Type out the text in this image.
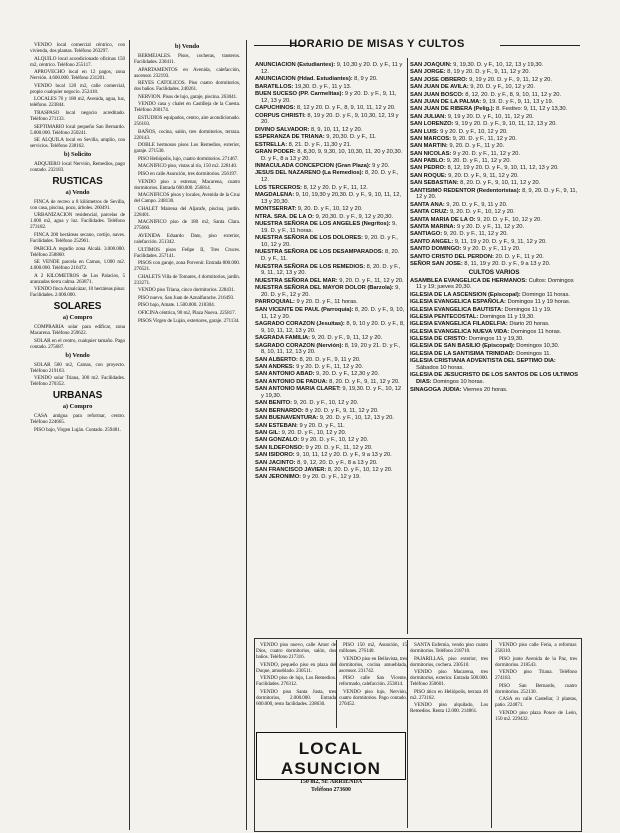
VENDO local comercial céntrico, con vivienda, dos plantas. Teléfono 263297.

ALQUILO local acondicionado oficinas 150 m2, céntrico. Teléfono 255117.

APROVECHO local en 12 pagos, zona Nervión. 4.600.000. Teléfono 231201.

VENDO local 120 m2, calle comercial, propio cualquier negocio. 252418.

LOCALES 76 y 180 m2, Avenida, agua, luz, teléfono. 223844.

TRASPASO local negocio acreditado. Teléfono 271133.

SEPTIMARIO local pequeño San Bernardo. 5.000.000. Teléfono 250241.

SE ALQUILA local en Sevilla, amplio, con servicios. Teléfono 238162.

b) Solicito

ADQUIERO local Nervión, Remedios, pago contado. 232183.

RUSTICAS
a) Vendo

FINCA de recreo a 8 kilómetros de Sevilla, con casa, piscina, pozo, árboles. 260491.

URBANIZACION residencial, parcelas de 1.000 m2, agua y luz. Facilidades. Teléfono 273182.

FINCA 200 hectáreas secano, cortijo, naves. Facilidades. Teléfono 252961.

PARCELA regadío zona Alcalá. 3.000.000. Teléfono 258860.

SE VENDE parcela en Camas, 1.000 m2. 4.000.000. Teléfono 216472.

A 2 KILOMETROS de Los Palacios, 5 aranzadas tierra calma. 263871.

VENDO finca Aznalcázar, 10 hectáreas pinar. Facilidades. 2.000.000.

SOLARES
a) Compro

COMPRARIA solar para edificar, zona Macarena. Teléfono 259622.

SOLAR en el centro, cualquier tamaño. Pago contado. 275687.

b) Vendo

SOLAR 500 m2, Camas, con proyecto. Teléfono 219163.

VENDO solar Triana, 300 m2. Facilidades. Teléfono 270352.

URBANAS
a) Compro

CASA antigua para reformar, centro. Teléfono 224665.

PISO bajo, Virgen Luján. Contado. 259481.

b) Vendo

BERMEJALES. Pisos, cocheras, trasteros. Facilidades. 230411.

APARTAMENTOS en Avenida, calefacción, ascensor. 232193.

REYES CATOLICOS. Piso cuatro dormitorios, dos baños. Facilidades. 240261.

NERVION. Pisos de lujo, garaje, piscina. 263041.

VENDO casa y chalet en Castilleja de la Cuesta. Teléfono 260174.

ESTUDIOS equipados, centro, aire acondicionado. 256103.

BAÑOS, cocina, salón, tres dormitorios, terraza. 220143.

DOBLE hermosos pisos Los Remedios, exterior, garaje. 271530.

PISO Heliópolis, lujo, cuatro dormitorios. 271467.

MAGNIFICO piso, vistas al río, 150 m2. 228140.

PISO en calle Asunción, tres dormitorios. 256197.

VENDO piso a estrenar, Macarena, cuatro dormitorios. Entrada 600.000. 256814.

MAGNIFICOS pisos y locales, Avenida de la Cruz del Campo. 248130.

CHALET Mairena del Aljarafe, piscina, jardín. 228401.

MAGNIFICO piso de 180 m2, Santa Clara. 275660.

AVENIDA Eduardo Dato, piso exterior, calefacción. 251342.

ULTIMOS pisos Felipe II, Tres Cruces. Facilidades. 257141.

PISOS con garaje, zona Porvenir. Entrada 800.000. 270521.

CHALETS Villa de Tomares, 4 dormitorios, jardín. 233271.

VENDO piso Triana, cinco dormitorios. 228431.

PISO nuevo, San Juan de Aznalfarache. 216493.

PISO bajo, Amate. 1.500.000. 218304.

OFICINA céntrica, 90 m2, Plaza Nueva. 225817.

PISOS Virgen de Luján, exteriores, garaje. 271134.

HORARIO DE MISAS Y CULTOS
ANUNCIACION (Estudiantes): 9, 10,30 y 20. D. y F., 11 y 12.
ANUNCIACION (Hdad. Estudiantes): 8, 9 y 20.
BARATILLOS: 19,30. D. y F., 11 y 13.
BUEN SUCESO (PP. Carmelitas): 9 y 20. D. y F., 9, 11, 12, 13 y 20.
CAPUCHINOS: 8, 12 y 20. D. y F., 8, 9, 10, 11, 12 y 20.
CORPUS CHRISTI: 8, 19 y 20. D. y F., 9, 10,30, 12, 19 y 20.
DIVINO SALVADOR: 8, 9, 10, 11, 12 y 20.
ESPERANZA DE TRIANA: 9, 20,30. D. y F., 11.
ESTRELLA: 8, 21. D. y F., 11,30 y 21.
GRAN PODER: 8, 8,30, 9, 9,30, 10, 10,30, 11, 20 y 20,30. D. y F., 8 a 13 y 20.
INMACULADA CONCEPCION (Gran Plaza): 9 y 20.
JESUS DEL NAZARENO (La Remedios): 8, 20. D. y F., 12.
LOS TERCEROS: 8, 12 y 20. D. y F., 11, 12.
MAGDALENA: 9, 10, 19,30 y 20,30. D. y F., 9, 10, 11, 12, 13 y 20,30.
MONTSERRAT: 9, 20. D. y F., 10, 12 y 20.
NTRA. SRA. DE LA O: 9, 20,30. D. y F., 9, 12 y 20,30.
NUESTRA SEÑORA DE LOS ANGELES (Negritos): 9, 19. D. y F., 11 horas.
NUESTRA SEÑORA DE LOS DOLORES: 9, 20. D. y F., 10, 12 y 20.
NUESTRA SEÑORA DE LOS DESAMPARADOS: 8, 20. D. y F., 11.
NUESTRA SEÑORA DE LOS REMEDIOS: 8, 20. D. y F., 9, 11, 12, 13 y 20.
NUESTRA SEÑORA DEL MAR: 9, 20. D. y F., 11, 12 y 20.
NUESTRA SEÑORA DEL MAYOR DOLOR (Barzola): 9, 20. D. y F., 12 y 20.
PARROQUIAL: 9 y 20. D. y F., 11 horas.
SAN VICENTE DE PAUL (Parroquia): 8, 20. D. y F., 9, 10, 11, 12 y 20.
SAGRADO CORAZON (Jesuitas): 8, 9, 10 y 20. D. y F., 8, 9, 10, 11, 12, 13 y 20.
SAGRADA FAMILIA: 9, 20. D. y F., 9, 11, 12 y 20.
SAGRADO CORAZON (Nervión): 8, 19, 20 y 21. D. y F., 8, 10, 11, 12, 13 y 20.
SAN ALBERTO: 8, 20. D. y F., 9, 11 y 20.
SAN ANDRES: 9 y 20. D. y F., 11, 12 y 20.
SAN ANTONIO ABAD: 9, 20. D. y F., 12,30 y 20.
SAN ANTONIO DE PADUA: 8, 20. D. y F., 9, 11, 12 y 20.
SAN ANTONIO MARIA CLARET: 9, 19,30. D. y F., 10, 12 y 19,30.
SAN BENITO: 9, 20. D. y F., 10, 12 y 20.
SAN BERNARDO: 8 y 20. D. y F., 9, 11, 12 y 20.
SAN BUENAVENTURA: 9, 20. D. y F., 10, 12, 13 y 20.
SAN ESTEBAN: 9 y 20. D. y F., 11.
SAN GIL: 9, 20. D. y F., 10, 12 y 20.
SAN GONZALO: 9 y 20. D. y F., 10, 12 y 20.
SAN ILDEFONSO: 9 y 20. D. y F., 11, 12 y 20.
SAN ISIDORO: 9, 10, 11, 12 y 20. D. y F., 9 a 13 y 20.
SAN JACINTO: 8, 9, 12, 20. D. y F., 8 a 13 y 20.
SAN FRANCISCO JAVIER: 8, 20. D. y F., 10, 12 y 20.
SAN JERONIMO: 9 y 20. D. y F., 12 y 19.
SAN JOAQUIN: 9, 19,30. D. y F., 10, 12, 13 y 19,30.
SAN JORGE: 8, 19 y 20. D. y F., 9, 11, 12 y 20.
SAN JOSE OBRERO: 9, 19 y 20. D. y F., 9, 11, 12 y 20.
SAN JUAN DE AVILA: 9, 20. D. y F., 10, 12 y 20.
SAN JUAN BOSCO: 8, 12, 20. D. y F., 8, 9, 10, 11, 12 y 20.
SAN JUAN DE LA PALMA: 9, 19. D. y F., 9, 11, 13 y 19.
SAN JUAN DE RIBERA (Pelig.): 8. Festivo: 9, 11, 12 y 13,30.
SAN JULIAN: 9, 19 y 20. D. y F., 10, 11, 12 y 20.
SAN LORENZO: 9, 19 y 20. D. y F., 9, 10, 11, 12, 13 y 20.
SAN LUIS: 9 y 20. D. y F., 10, 12 y 20.
SAN MARCOS: 9, 20. D. y F., 11, 12 y 20.
SAN MARTIN: 9, 20. D. y F., 11 y 20.
SAN NICOLAS: 9 y 20. D. y F., 11, 12 y 20.
SAN PABLO: 9, 20. D. y F., 11, 12 y 20.
SAN PEDRO: 8, 12, 19 y 20. D. y F., 9, 10, 11, 12, 13 y 20.
SAN ROQUE: 9, 20. D. y F., 9, 11, 12 y 20.
SAN SEBASTIAN: 8, 20. D. y F., 9, 10, 11, 12 y 20.
SANTISIMO REDENTOR (Redentoristas): 8, 9, 20. D. y F., 9, 11, 12 y 20.
SANTA ANA: 9, 20. D. y F., 9, 11 y 20.
SANTA CRUZ: 9, 20. D. y F., 10, 12 y 20.
SANTA MARIA DE LA O: 9, 20. D. y F., 10, 12 y 20.
SANTA MARINA: 9 y 20. D. y F., 11, 12 y 20.
SANTIAGO: 9, 20. D. y F., 11, 12 y 20.
SANTO ANGEL: 9, 11, 19 y 20. D. y F., 9, 11, 12 y 20.
SANTO DOMINGO: 9 y 20. D. y F., 11 y 20.
SANTO CRISTO DEL PERDON: 20. D. y F., 11 y 20.
SEÑOR SAN JOSE: 8, 11, 19 y 20. D. y F., 9 a 13 y 20.
CULTOS VARIOS
ASAMBLEA EVANGELICA DE HERMANOS: Cultos: Domingos 11 y 19; jueves 20,30.
IGLESIA DE LA ASCENSION (Episcopal): Domingo 11 horas.
IGLESIA EVANGELICA ESPAÑOLA: Domingos 11 y 19 horas.
IGLESIA EVANGELICA BAUTISTA: Domingos 11 y 19.
IGLESIA PENTECOSTAL: Domingos 11 y 19,30.
IGLESIA EVANGELICA FILADELFIA: Diario 20 horas.
IGLESIA EVANGELICA NUEVA VIDA: Domingos 11 horas.
IGLESIA DE CRISTO: Domingos 11 y 19,30.
IGLESIA DE SAN BASILIO (Episcopal): Domingos 10,30.
IGLESIA DE LA SANTISIMA TRINIDAD: Domingos 11.
IGLESIA CRISTIANA ADVENTISTA DEL SEPTIMO DIA: Sábados 10 horas.
IGLESIA DE JESUCRISTO DE LOS SANTOS DE LOS ULTIMOS DIAS: Domingos 10 horas.
SINAGOGA JUDIA: Viernes 20 horas.

VENDO piso nuevo, calle Amor de Dios, cuatro dormitorios, salón, dos baños. Teléfono 217316.

VENDO, pequeño piso en plaza del Duque, amueblado. 230511.

VENDO piso de lujo, Los Remedios. Facilidades. 276312.

VENDO piso Santa Justa, tres dormitorios, 2.000.000. Entrada 600.000, resto facilidades. 238630.

PISO 150 m2, Asunción, 15 millones. 276140.

VENDO piso en Bellavista, tres dormitorios, cocina amueblada, ascensor. 231742.

PISO calle San Vicente, reformado, calefacción. 253814.

VENDO piso lujo, Nervión, cuatro dormitorios. Pago contado. 270452.

SANTA Eufemia, vendo piso cuatro dormitorios. Teléfono 218710.

PAJARILLAS, piso exterior, tres dormitorios, cochera. 230510.

VENDO piso Macarena, tres dormitorios, exterior. Entrada 500.000. Teléfono 350601.

PISO ático en Heliópolis, terraza 40 m2. 273162.

VENDO piso alquilado, Los Remedios. Renta 12.000. 214861.

VENDO piso calle Feria, a reformar. 258310.

PISO junto Avenida de la Paz, tres dormitorios. 218543.

VENDO piso Triana. Teléfono 274183.

PISO San Bernardo, cuatro dormitorios. 252130.

CASA en calle Castellar, 3 plantas, patio. 224871.

VENDO piso plaza Ponce de León, 150 m2. 229432.

LOCAL ASUNCION
150 m2, SE ARRIENDA
Teléfono 273600
